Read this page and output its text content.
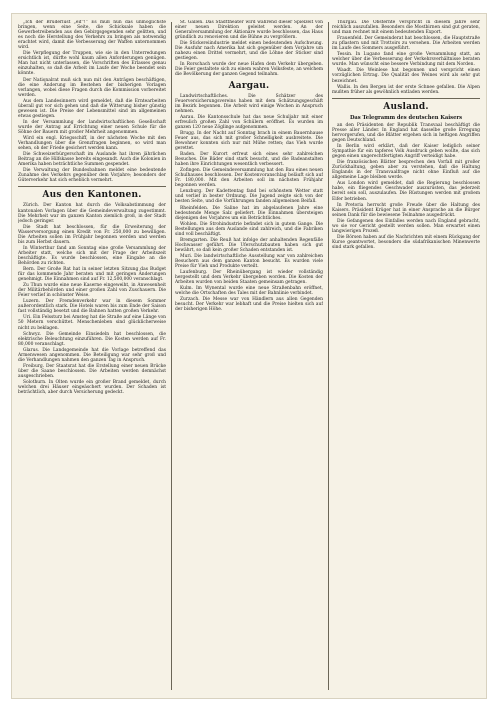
„Ich der Brüderlust „eif“!“ Es muß nun das unmöglichste bringen, wenn eine Seite, die Schicksale haben die Gewerbetreibenden aus den Gebirgsgegenden sehr gelitten, und es noch die Herstellung des Verkehrs zu bringen als notwendig erachtet wird, damit die Verbesserung der Waffen unternommen wird.

Die Verpflegung der Truppen, wie sie in den Unterredungen ersichtlich ist, dürfte wohl kaum allen Anforderungen genügen. Man hat nicht unterlassen, die Vorschriften des Erlasses genau einzuhalten, so daß die Arbeit im Laufe der Woche beendet sein könnte.

Der Nationalrat muß sich nun mit den Anträgen beschäftigen, die eine Änderung im Bestehen der bisherigen Vorlagen verlangen, wobei diese Fragen durch die Kommission vorbereitet werden.

Aus dem Landesinnern wird gemeldet, daß die Erntearbeiten überall gut vor sich gehen und daß die Witterung bisher günstig gewesen ist. Die Preise der Lebensmittel sind im allgemeinen etwas gestiegen.

In der Versammlung der landwirtschaftlichen Gesellschaft wurde der Antrag auf Errichtung einer neuen Schule für die Söhne der Bauern mit großer Mehrheit angenommen.

Wird ein engl. Kriegsschiff, in der nächsten Woche mit den Verhandlungen über die Grenzfragen beginnen, so wird man sehen, ob der Friede gesichert werden kann.

Die Schweizerbürgerschaft im Auslande hat ihren jährlichen Beitrag an die Hilfskasse bereits eingesandt. Auch die Kolonien in Amerika haben beträchtliche Summen gespendet.

Die Verwaltung der Bundesbahnen meldet eine bedeutende Zunahme des Verkehrs gegenüber dem Vorjahre; besonders der Güterverkehr hat sich erheblich vermehrt.

Aus den Kantonen.

Zürich. Der Kanton hat durch die Volksabstimmung der kantonalen Vorlagen über die Gemeindeverwaltung zugestimmt. Die Mehrheit war im ganzen Kanton ziemlich groß, in der Stadt jedoch geringer.

Die Stadt hat beschlossen, für die Erweiterung der Wasserversorgung einen Kredit von Fr. 250,000 zu bewilligen. Die Arbeiten sollen im Frühjahr begonnen werden und werden bis zum Herbst dauern.

In Winterthur fand am Sonntag eine große Versammlung der Arbeiter statt, welche sich mit der Frage der Arbeitszeit beschäftigte. Es wurde beschlossen, eine Eingabe an die Behörden zu richten.

Bern. Der Große Rat hat in seiner letzten Sitzung das Budget für das kommende Jahr beraten und mit geringen Änderungen genehmigt. Die Einnahmen sind auf Fr. 12,500,000 veranschlagt.

Zu Thun wurde eine neue Kaserne eingeweiht, in Anwesenheit der Militärbehörden und einer großen Zahl von Zuschauern. Die Feier verlief in schönster Weise.

Luzern. Der Fremdenverkehr war in diesem Sommer außerordentlich stark. Die Hotels waren bis zum Ende der Saison fast vollständig besetzt und die Bahnen hatten großen Verkehr.

Uri. Ein Felssturz bei Amsteg hat die Straße auf eine Länge von 50 Metern verschüttet. Menschenleben sind glücklicherweise nicht zu beklagen.

Schwyz. Die Gemeinde Einsiedeln hat beschlossen, die elektrische Beleuchtung einzuführen. Die Kosten werden auf Fr. 80,000 veranschlagt.

Glarus. Die Landsgemeinde hat die Vorlage betreffend das Armenwesen angenommen. Die Beteiligung war sehr groß und die Verhandlungen nahmen den ganzen Tag in Anspruch.

Freiburg. Der Staatsrat hat die Erstellung einer neuen Brücke über die Saane beschlossen. Die Arbeiten werden demnächst ausgeschrieben.

Solothurn. In Olten wurde ein großer Brand gemeldet, durch welchen drei Häuser eingeäschert wurden. Der Schaden ist beträchtlich, aber durch Versicherung gedeckt.

St. Gallen. Das Stadttheater wird während dieser Spielzeit von einer neuen Direktion geleitet werden. An der Generalversammlung der Aktionäre wurde beschlossen, das Haus gründlich zu renovieren und die Bühne zu vergrößern.

Die Stickereiindustrie meldet einen bedeutenden Aufschwung. Die Ausfuhr nach Amerika hat sich gegenüber dem Vorjahre um nahezu einen Drittel vermehrt, und die Löhne der Sticker sind gestiegen.

In Rorschach wurde der neue Hafen dem Verkehr übergeben. Die Feier gestaltete sich zu einem wahren Volksfeste, an welchem die Bevölkerung der ganzen Gegend teilnahm.

Aargau.

Landwirtschaftliches. Die Schätzer des Feuerversicherungsvereins haben mit dem Schätzungsgeschäft im Bezirk begonnen. Die Arbeit wird einige Wochen in Anspruch nehmen.

Aarau. Die Kantonsschule hat das neue Schuljahr mit einer erfreulich großen Zahl von Schülern eröffnet. Es wurden im ganzen 120 neue Zöglinge aufgenommen.

Brugg. In der Nacht auf Sonntag brach in einem Bauernhause Feuer aus, das sich mit großer Schnelligkeit ausbreitete. Die Bewohner konnten sich nur mit Mühe retten; das Vieh wurde gerettet.

Baden. Der Kurort erfreut sich eines sehr zahlreichen Besuches. Die Bäder sind stark besucht, und die Badeanstalten haben ihre Einrichtungen wesentlich verbessert.

Zofingen. Die Gemeindeversammlung hat den Bau eines neuen Schulhauses beschlossen. Der Kostenvoranschlag beläuft sich auf Fr. 180,000. Mit den Arbeiten soll im nächsten Frühjahr begonnen werden.

Lenzburg. Der Kadettentag fand bei schönstem Wetter statt und verlief in bester Ordnung. Die Jugend zeigte sich von der besten Seite, und die Vorführungen fanden allgemeinen Beifall.

Rheinfelden. Die Saline hat im abgelaufenen Jahre eine bedeutende Menge Salz geliefert. Die Einnahmen übersteigen diejenigen des Vorjahres um ein Beträchtliches.

Wohlen. Die Strohindustrie befindet sich in gutem Gange. Die Bestellungen aus dem Auslande sind zahlreich, und die Fabriken sind voll beschäftigt.

Bremgarten. Die Reuß hat infolge der anhaltenden Regenfälle Hochwasser geführt. Die Uferschutzbauten haben sich gut bewährt, so daß kein großer Schaden entstanden ist.

Muri. Die landwirtschaftliche Ausstellung war von zahlreichen Besuchern aus dem ganzen Kanton besucht. Es wurden viele Preise für Vieh und Produkte verteilt.

Laufenburg. Der Rheinübergang ist wieder vollständig hergestellt und dem Verkehr übergeben worden. Die Kosten der Arbeiten wurden von beiden Staaten gemeinsam getragen.

Kulm. Im Wynental wurde eine neue Straßenbahn eröffnet, welche die Ortschaften des Tales mit der Bahnlinie verbindet.

Zurzach. Die Messe war von Händlern aus allen Gegenden besucht. Der Verkehr war lebhaft und die Preise hielten sich auf der bisherigen Höhe.

Thurgau. Die Obsternte verspricht in diesem Jahre sehr reichlich auszufallen. Besonders die Mostbirnen sind gut geraten, und man rechnet mit einem bedeutenden Export.

Frauenfeld. Der Gemeinderat hat beschlossen, die Hauptstraße zu pflastern und mit Trottoirs zu versehen. Die Arbeiten werden im Laufe des Sommers ausgeführt.

Tessin. In Lugano fand eine große Versammlung statt, an welcher über die Verbesserung der Verkehrsverhältnisse beraten wurde. Man wünscht eine bessere Verbindung mit dem Norden.

Waadt. Die Weinlese hat begonnen und verspricht einen vorzüglichen Ertrag. Die Qualität des Weines wird als sehr gut bezeichnet.

Wallis. In den Bergen ist der erste Schnee gefallen. Die Alpen mußten früher als gewöhnlich entladen werden.

Ausland.
Das Telegramm des deutschen Kaisers

an den Präsidenten der Republik Transvaal beschäftigt die Presse aller Länder. In England hat dasselbe große Erregung hervorgerufen, und die Blätter ergehen sich in heftigen Angriffen gegen Deutschland.

In Berlin wird erklärt, daß der Kaiser lediglich seiner Sympathie für ein tapferes Volk Ausdruck geben wollte, das sich gegen einen ungerechtfertigten Angriff verteidigt habe.

Die französischen Blätter besprechen den Vorfall mit großer Zurückhaltung, geben aber zu verstehen, daß die Haltung Englands in der Transvaalfrage nicht ohne Einfluß auf die allgemeine Lage bleiben werde.

Aus London wird gemeldet, daß die Regierung beschlossen habe, ein fliegendes Geschwader auszurüsten, das jederzeit bereit sein soll, auszulaufen. Die Rüstungen werden mit großem Eifer betrieben.

In Pretoria herrscht große Freude über die Haltung des Kaisers. Präsident Krüger hat in einer Ansprache an die Bürger seinen Dank für die bewiesene Teilnahme ausgedrückt.

Die Gefangenen des Einfalles werden nach England gebracht, wo sie vor Gericht gestellt werden sollen. Man erwartet einen langwierigen Prozeß.

Die Börsen haben auf die Nachrichten mit einem Rückgang der Kurse geantwortet, besonders die südafrikanischen Minenwerte sind stark gefallen.
